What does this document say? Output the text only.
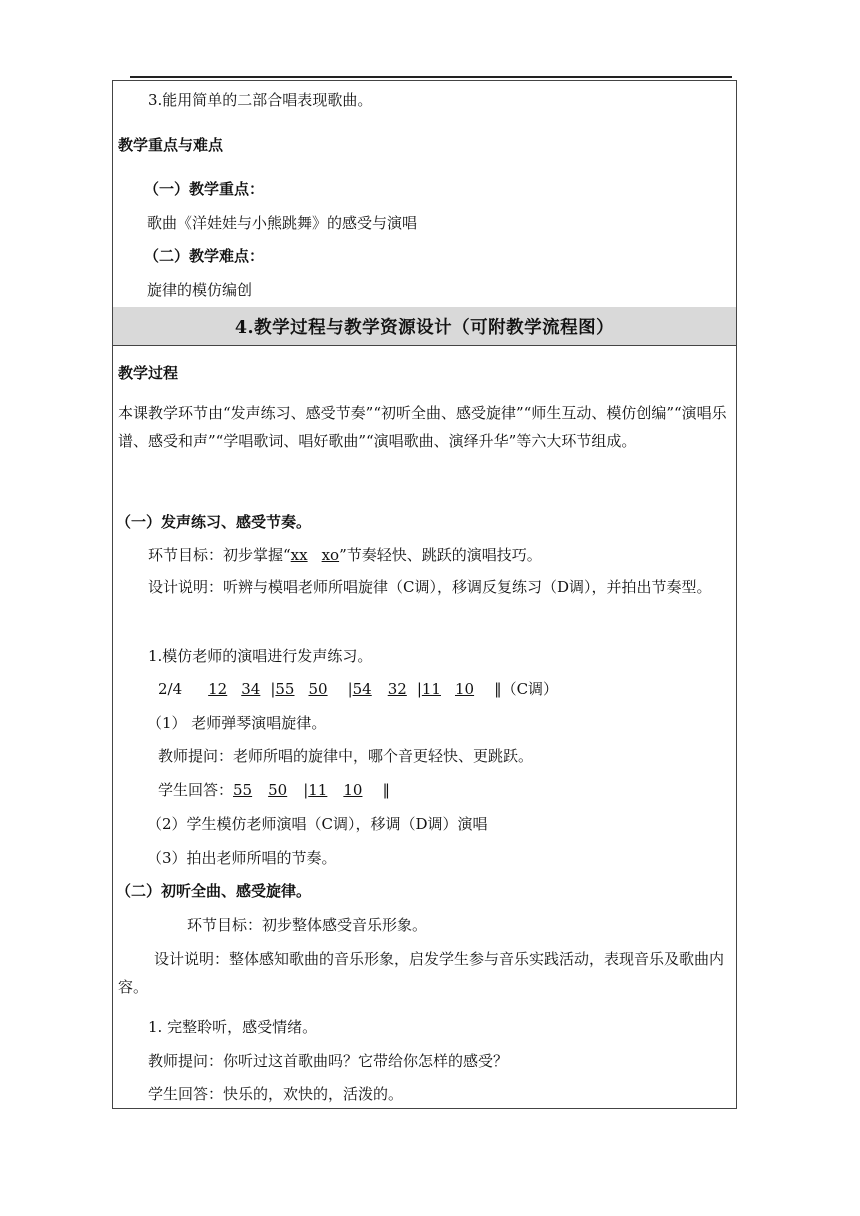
3.能用简单的二部合唱表现歌曲。
教学重点与难点
（一）教学重点：
歌曲《洋娃娃与小熊跳舞》的感受与演唱
（二）教学难点：
旋律的模仿编创
4.教学过程与教学资源设计（可附教学流程图）
教学过程
本课教学环节由“发声练习、感受节奏”“初听全曲、感受旋律”“师生互动、模仿创编”“演唱乐谱、感受和声”“学唱歌词、唱好歌曲”“演唱歌曲、演绎升华”等六大环节组成。
（一）发声练习、感受节奏。
环节目标：初步掌握“xx xo”节奏轻快、跳跃的演唱技巧。
设计说明：听辨与模唱老师所唱旋律（C调），移调反复练习（D调），并拍出节奏型。
1.模仿老师的演唱进行发声练习。
2/4 12 34 |55 50 |54 32 |11 10 ‖（C调）
（1） 老师弹琴演唱旋律。
教师提问：老师所唱的旋律中，哪个音更轻快、更跳跃。
学生回答：55 50 |11 10 ‖
（2）学生模仿老师演唱（C调），移调（D调）演唱
（3）拍出老师所唱的节奏。
（二）初听全曲、感受旋律。
环节目标：初步整体感受音乐形象。
设计说明：整体感知歌曲的音乐形象，启发学生参与音乐实践活动，表现音乐及歌曲内容。
1. 完整聆听，感受情绪。
教师提问：你听过这首歌曲吗？它带给你怎样的感受？
学生回答：快乐的，欢快的，活泼的。
